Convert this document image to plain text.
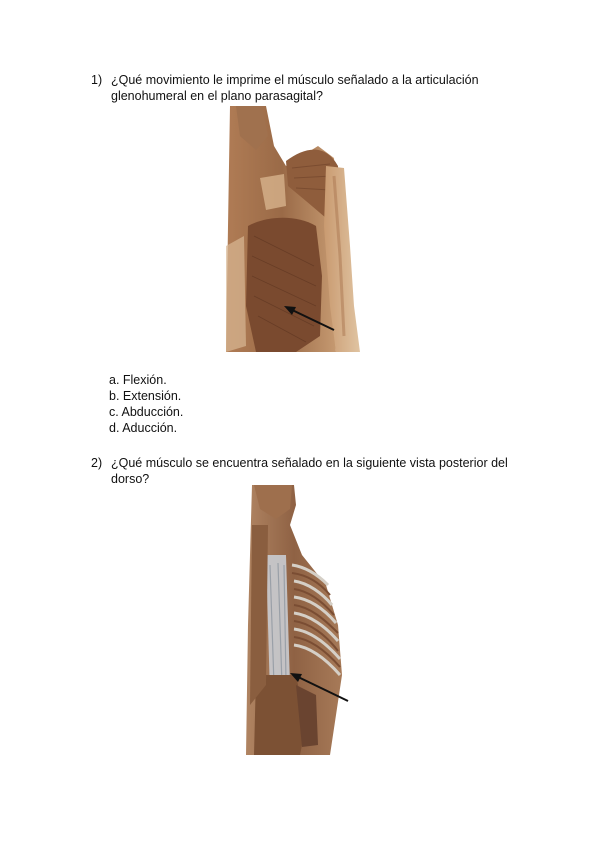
1) ¿Qué movimiento le imprime el músculo señalado a la articulación
glenohumeral en el plano parasagital?
a. Flexión.
b. Extensión.
c. Abducción.
d. Aducción.
2) ¿Qué músculo se encuentra señalado en la siguiente vista posterior del
dorso?
